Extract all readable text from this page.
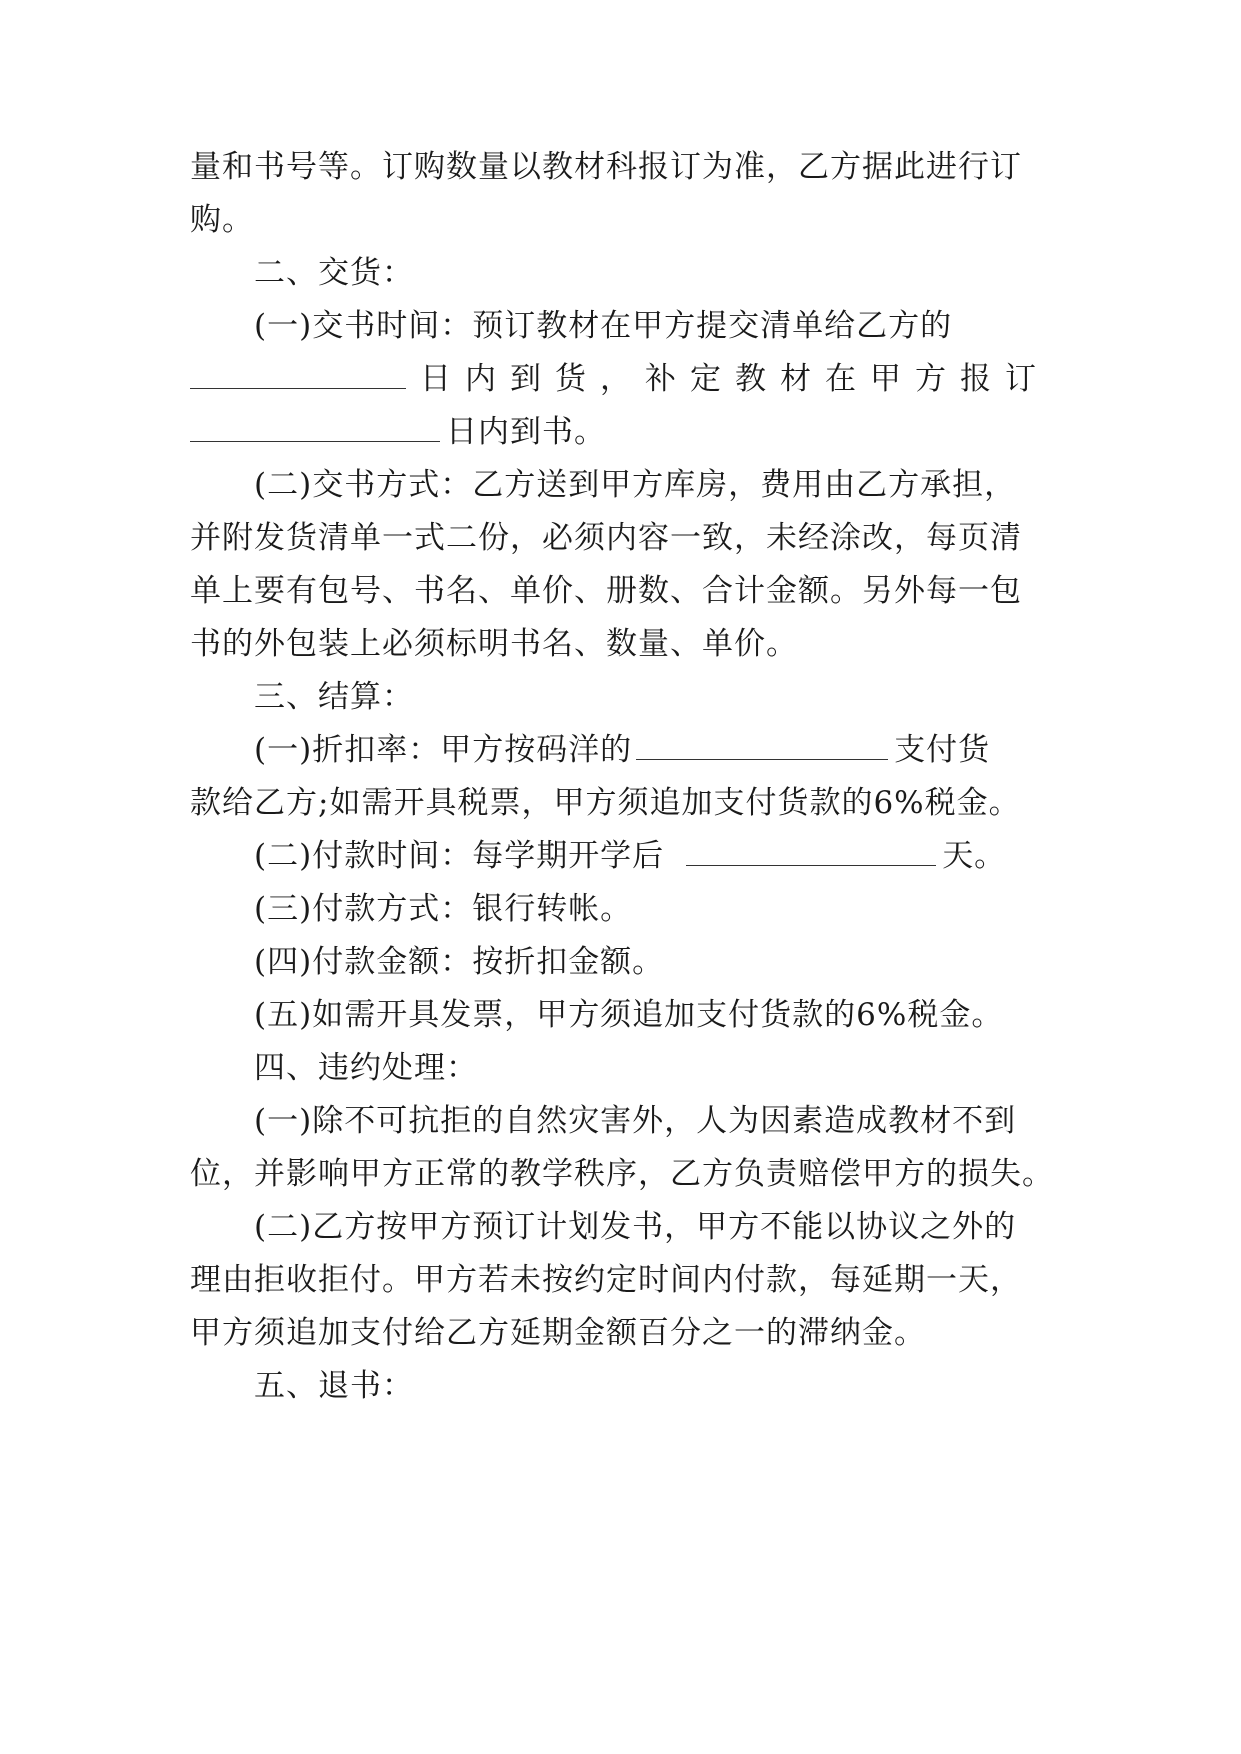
量和书号等。订购数量以教材科报订为准，乙方据此进行订
购。
二、交货：
(一)交书时间：预订教材在甲方提交清单给乙方的
日内到货，补定教材在甲方报订
日内到书。
(二)交书方式：乙方送到甲方库房，费用由乙方承担，
并附发货清单一式二份，必须内容一致，未经涂改，每页清
单上要有包号、书名、单价、册数、合计金额。另外每一包
书的外包装上必须标明书名、数量、单价。
三、结算：
(一)折扣率：甲方按码洋的	支付货
款给乙方;如需开具税票，甲方须追加支付货款的6%税金。
(二)付款时间：每学期开学后	天。
(三)付款方式：银行转帐。
(四)付款金额：按折扣金额。
(五)如需开具发票，甲方须追加支付货款的6%税金。
四、违约处理：
(一)除不可抗拒的自然灾害外，人为因素造成教材不到
位，并影响甲方正常的教学秩序，乙方负责赔偿甲方的损失。
(二)乙方按甲方预订计划发书，甲方不能以协议之外的
理由拒收拒付。甲方若未按约定时间内付款，每延期一天，
甲方须追加支付给乙方延期金额百分之一的滞纳金。
五、退书：
